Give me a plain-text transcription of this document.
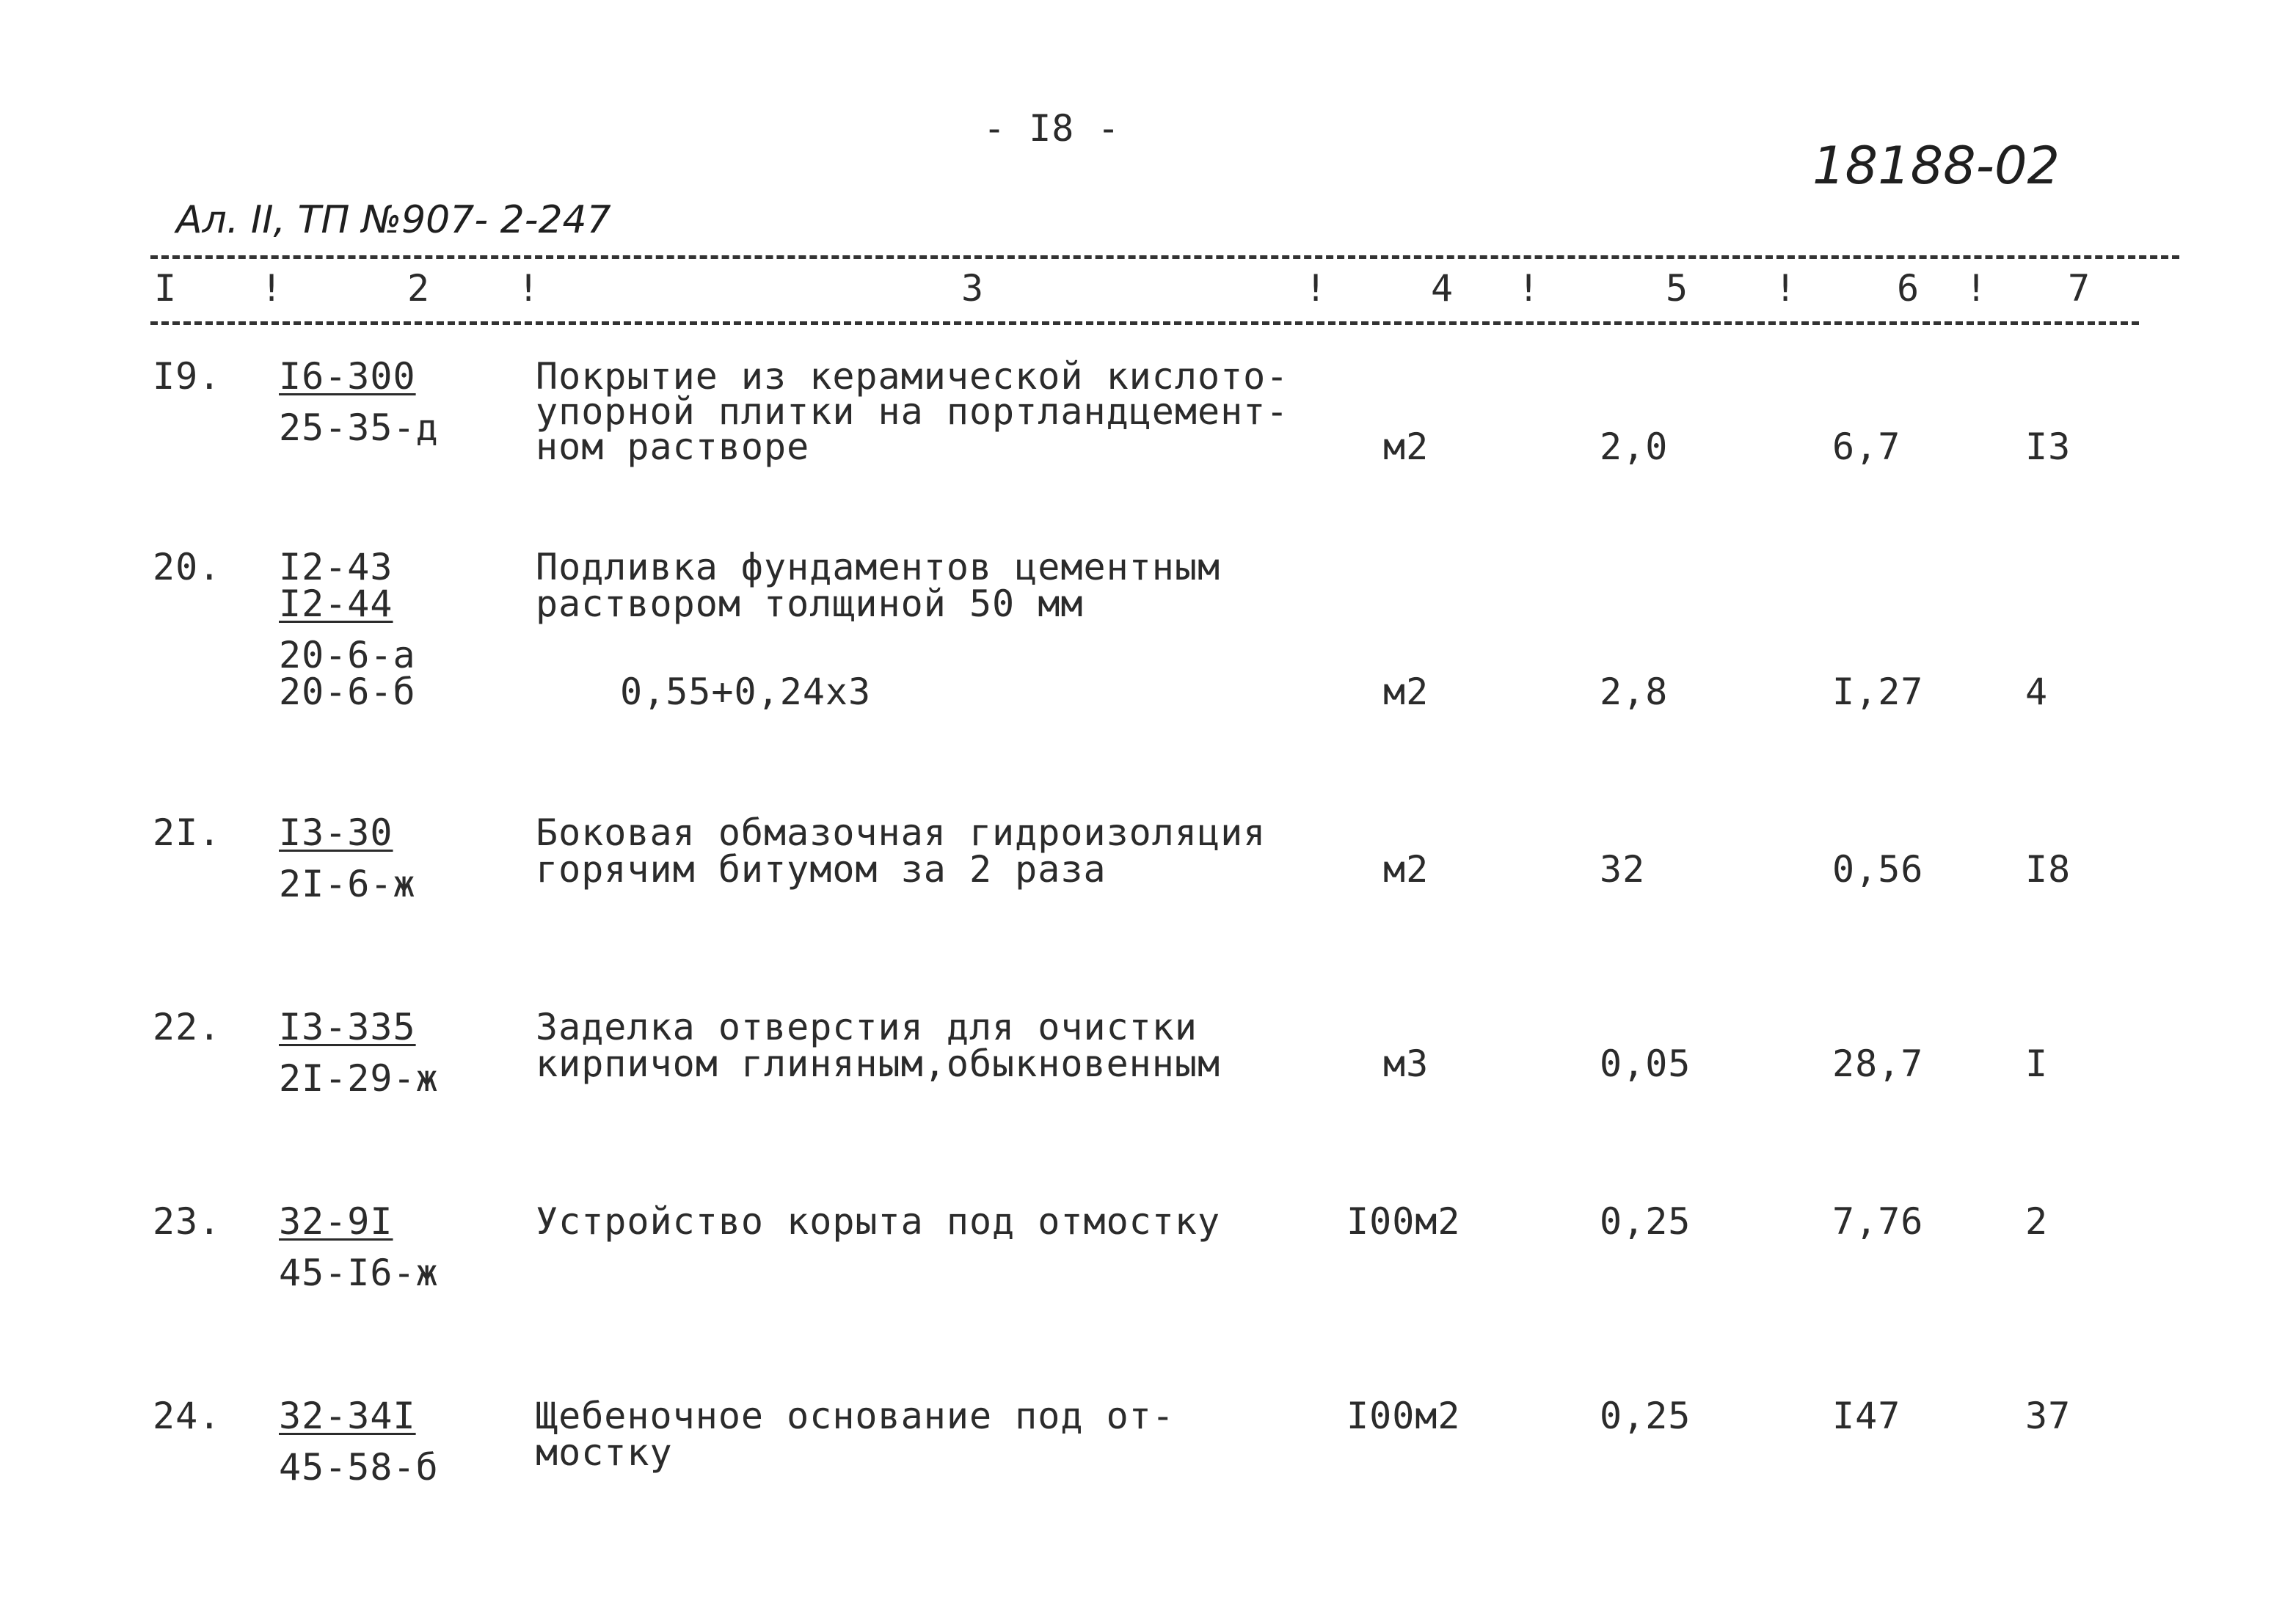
- I8 -
18188-02
Ал. II, ТП №907- 2-247
I !	2 !	3	!	4 !	5 !	6 ! 7
I9. I6-300
25-35-д
Покрытие из керамической кислото-
упорной плитки на портландцемент-
ном растворе	м2	2,0	6,7	I3
20. I2-43
I2-44
20-6-а
20-6-б
Подливка фундаментов цементным
раствором толщиной 50 мм
0,55+0,24x3	м2	2,8	I,27	4
2I. I3-30
2I-6-ж
Боковая обмазочная гидроизоляция
горячим битумом за 2 раза	м2	32	0,56	I8
22. I3-335
2I-29-ж
Заделка отверстия для очистки
кирпичом глиняным,обыкновенным	м3	0,05	28,7	I
23. 32-9I
45-I6-ж
Устройство корыта под отмостку	I00м2	0,25	7,76	2
24. 32-34I
45-58-б
Щебеночное основание под от-
мостку
I00м2	0,25	I47	37
